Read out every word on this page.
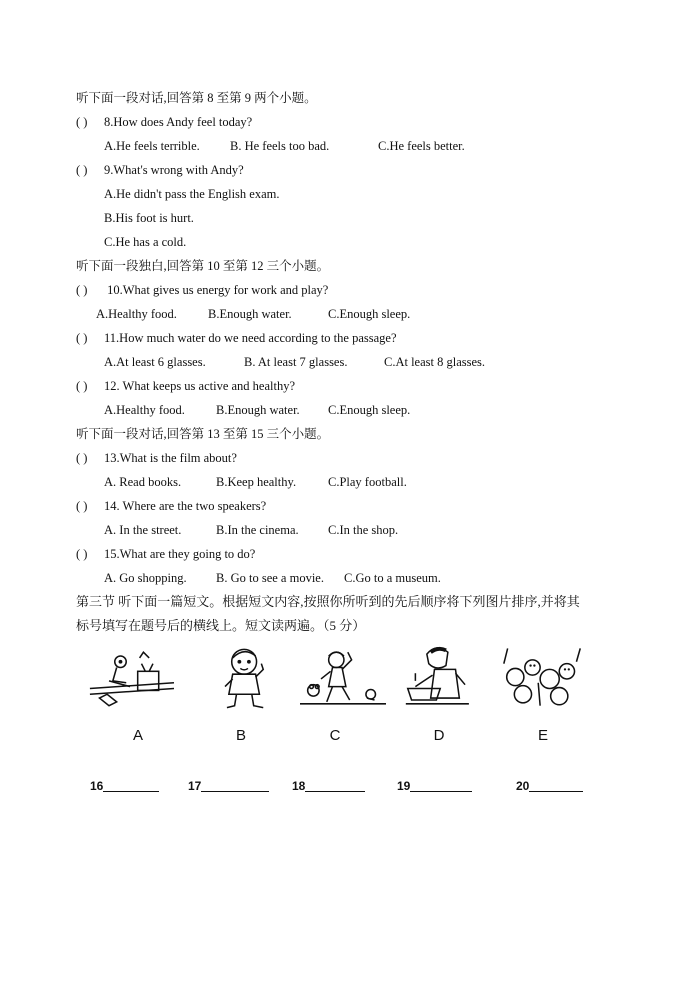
听下面一段对话,回答第 8 至第 9 两个小题。
( ) 8.How does Andy feel today?
A.He feels terrible. B. He feels too bad.	C.He feels better.
( ) 9.What's wrong with Andy?
A.He didn't pass the English exam.
B.His foot is hurt.
C.He has a cold.
听下面一段独白,回答第 10 至第 12 三个小题。
( ) 10.What gives us energy for work and play?
A.Healthy food. B.Enough water.	C.Enough sleep.
( ) 11.How much water do we need according to the passage?
A.At least 6 glasses.	B. At least 7 glasses.	C.At least 8 glasses.
( ) 12. What keeps us active and healthy?
A.Healthy food. B.Enough water. C.Enough sleep.
听下面一段对话,回答第 13 至第 15 三个小题。
( ) 13.What is the film about?
A. Read books.	B.Keep healthy.	C.Play football.
( ) 14. Where are the two speakers?
A. In the street.	B.In the cinema. C.In the shop.
( ) 15.What are they going to do?
A. Go shopping. B. Go to see a movie. C.Go to a museum.
第三节 听下面一篇短文。根据短文内容,按照你所听到的先后顺序将下列图片排序,并将其
标号填写在题号后的横线上。短文读两遍。（5 分）
A	B	C	D	E
16	17	18	19	20
